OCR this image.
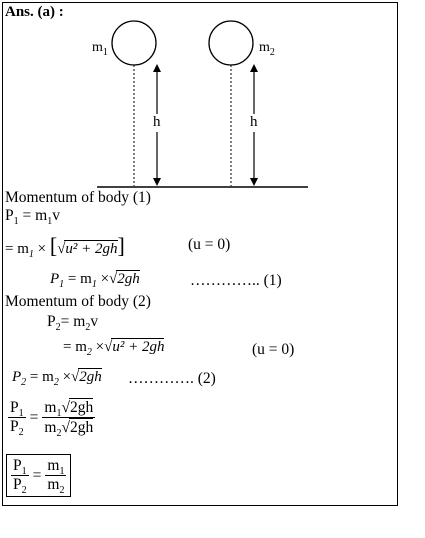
Ans. (a) :
$m_1$	$m_2$
h	h
Momentum of body (1)
$P_1 = m_1v$
= $m_1 \times [√u^2 + 2gh]$	(u = 0)
$P_1 = m_1 \times√2gh$	………….. (1)
Momentum of body (2)
$P_2= m_2v$
= $m_2 \times√u^2 + 2gh$	(u = 0)
$P_2 = m_2 \times√2gh$ …………. (2)
$\frac{P_1}{P_2} = \frac{m_1√2gh}{m_2√2gh}$
$\frac{P_1}{P_2} = \frac{m_1}{m_2}$
